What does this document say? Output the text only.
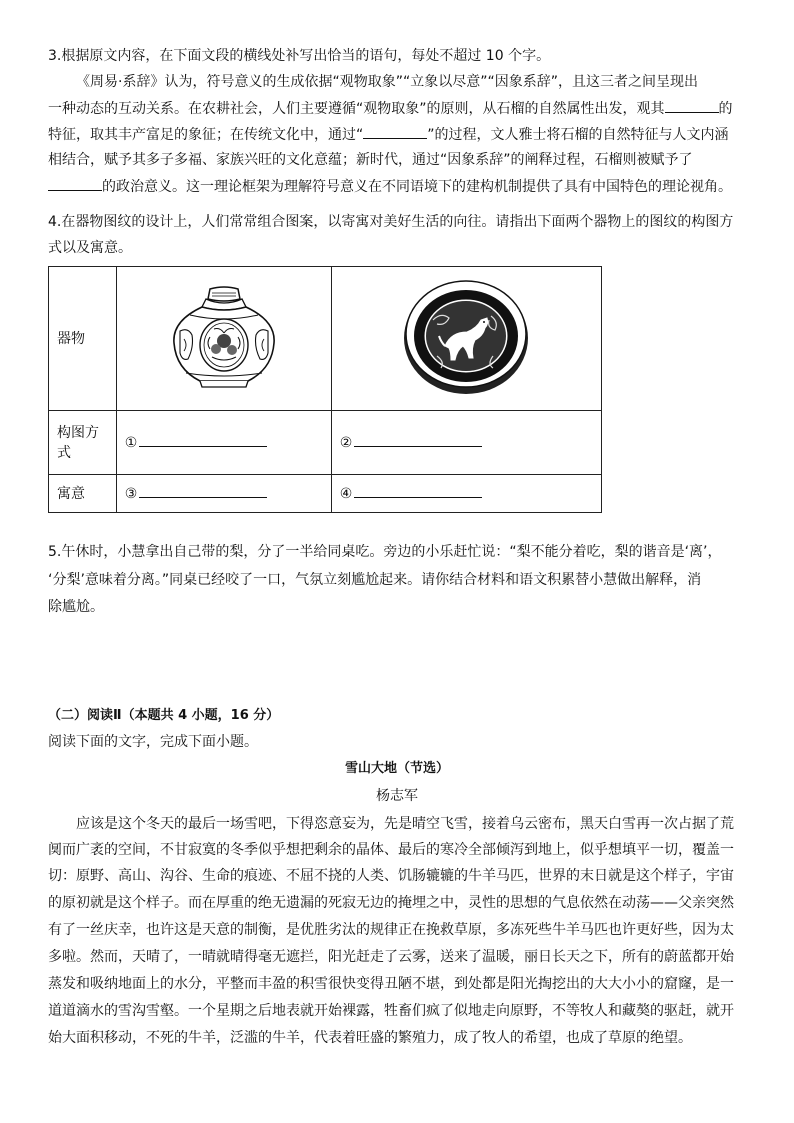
3.根据原文内容，在下面文段的横线处补写出恰当的语句，每处不超过 10 个字。
《周易·系辞》认为，符号意义的生成依据“观物取象”“立象以尽意”“因象系辞”，且这三者之间呈现出
一种动态的互动关系。在农耕社会，人们主要遵循“观物取象”的原则，从石榴的自然属性出发，观其	的
特征，取其丰产富足的象征；在传统文化中，通过“	”的过程，文人雅士将石榴的自然特征与人文内涵
相结合，赋予其多子多福、家族兴旺的文化意蕴；新时代，通过“因象系辞”的阐释过程，石榴则被赋予了
的政治意义。这一理论框架为理解符号意义在不同语境下的建构机制提供了具有中国特色的理论视角。
4.在器物图纹的设计上，人们常常组合图案，以寄寓对美好生活的向往。请指出下面两个器物上的图纹的构图方
式以及寓意。
器物		

构图方
式	①	②
寓意	③	④
5.午休时，小慧拿出自己带的梨，分了一半给同桌吃。旁边的小乐赶忙说：“梨不能分着吃，梨的谐音是‘离’，
‘分梨’意味着分离。”同桌已经咬了一口，气氛立刻尴尬起来。请你结合材料和语文积累替小慧做出解释，消
除尴尬。
（二）阅读Ⅱ（本题共 4 小题，16 分）
阅读下面的文字，完成下面小题。
雪山大地（节选）
杨志军
应该是这个冬天的最后一场雪吧，下得恣意妄为，先是晴空飞雪，接着乌云密布，黑天白雪再一次占据了荒
阒而广袤的空间，不甘寂寞的冬季似乎想把剩余的晶体、最后的寒冷全部倾泻到地上，似乎想填平一切，覆盖一
切：原野、高山、沟谷、生命的痕迹、不屈不挠的人类、饥肠辘辘的牛羊马匹，世界的末日就是这个样子，宇宙
的原初就是这个样子。而在厚重的绝无遗漏的死寂无边的掩埋之中，灵性的思想的气息依然在动荡——父亲突然
有了一丝庆幸，也许这是天意的制衡，是优胜劣汰的规律正在挽救草原，多冻死些牛羊马匹也许更好些，因为太
多啦。然而，天晴了，一晴就晴得毫无遮拦，阳光赶走了云雾，送来了温暖，丽日长天之下，所有的蔚蓝都开始
蒸发和吸纳地面上的水分，平整而丰盈的积雪很快变得丑陋不堪，到处都是阳光掏挖出的大大小小的窟窿，是一
道道滴水的雪沟雪壑。一个星期之后地表就开始裸露，牲畜们疯了似地走向原野，不等牧人和藏獒的驱赶，就开
始大面积移动，不死的牛羊，泛滥的牛羊，代表着旺盛的繁殖力，成了牧人的希望，也成了草原的绝望。
